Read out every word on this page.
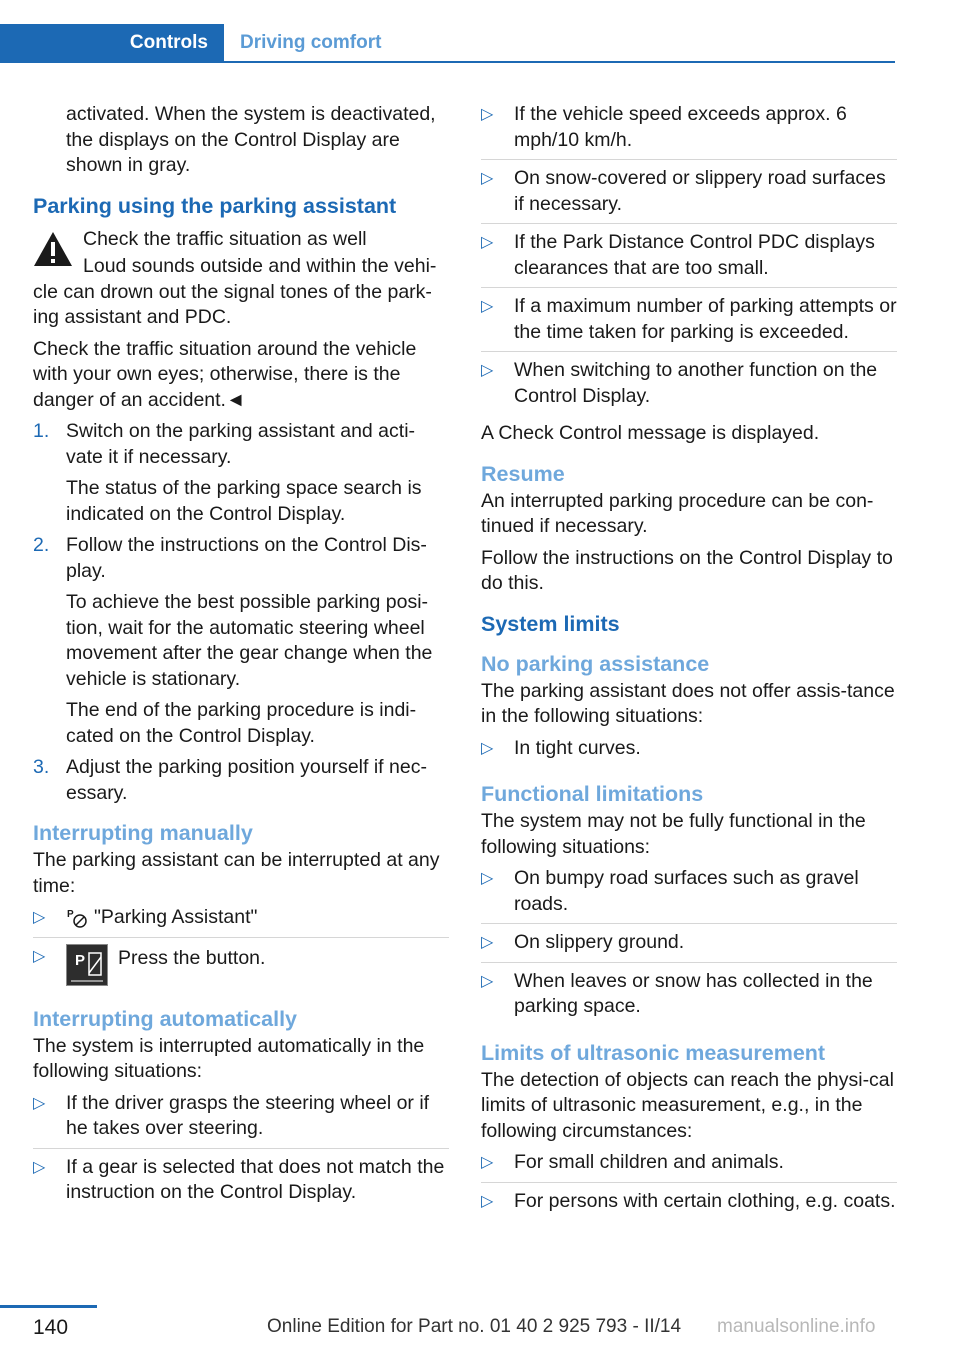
Controls	Driving comfort

activated. When the system is deactivated, the displays on the Control Display are shown in gray.

Parking using the parking assistant

Check the traffic situation as well

Loud sounds outside and within the vehi‐cle can drown out the signal tones of the park‐ing assistant and PDC.

Check the traffic situation around the vehicle with your own eyes; otherwise, there is the danger of an accident.◄

1. Switch on the parking assistant and acti‐vate it if necessary.

The status of the parking space search is indicated on the Control Display.

2. Follow the instructions on the Control Dis‐play.

To achieve the best possible parking posi‐tion, wait for the automatic steering wheel movement after the gear change when the vehicle is stationary.

The end of the parking procedure is indi‐cated on the Control Display.

3. Adjust the parking position yourself if nec‐essary.

Interrupting manually

The parking assistant can be interrupted at any time:

▷ P "Parking Assistant"
▷ P Press the button.
Interrupting automatically

The system is interrupted automatically in the following situations:

▷ If the driver grasps the steering wheel or if he takes over steering.
▷ If a gear is selected that does not match the instruction on the Control Display.
▷ If the vehicle speed exceeds approx. 6 mph/10 km/h.
▷ On snow-covered or slippery road surfaces if necessary.
▷ If the Park Distance Control PDC displays clearances that are too small.
▷ If a maximum number of parking attempts or the time taken for parking is exceeded.
▷ When switching to another function on the Control Display.

A Check Control message is displayed.

Resume

An interrupted parking procedure can be con‐tinued if necessary.

Follow the instructions on the Control Display to do this.

System limits
No parking assistance

The parking assistant does not offer assis‐tance in the following situations:

▷ In tight curves.
Functional limitations

The system may not be fully functional in the following situations:

▷ On bumpy road surfaces such as gravel roads.
▷ On slippery ground.
▷ When leaves or snow has collected in the parking space.
Limits of ultrasonic measurement

The detection of objects can reach the physi‐cal limits of ultrasonic measurement, e.g., in the following circumstances:

▷ For small children and animals.
▷ For persons with certain clothing, e.g. coats.
140	Online Edition for Part no. 01 40 2 925 793 - II/14 manualsonline.info
